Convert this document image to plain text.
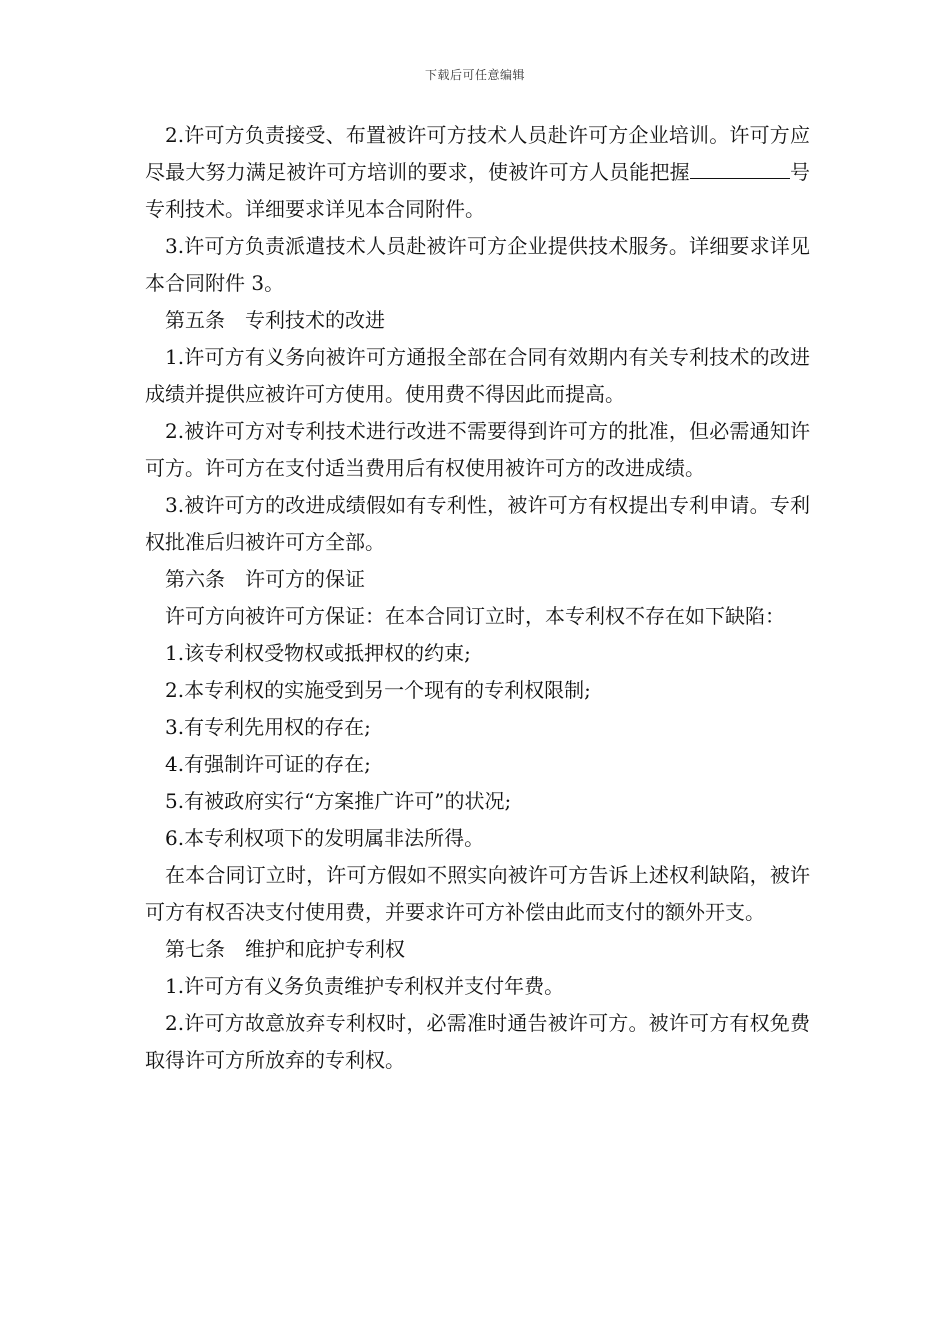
下载后可任意编辑

2.许可方负责接受、布置被许可方技术人员赴许可方企业培训。许可方应尽最大努力满足被许可方培训的要求，使被许可方人员能把握	号专利技术。详细要求详见本合同附件。

3.许可方负责派遣技术人员赴被许可方企业提供技术服务。详细要求详见本合同附件 3。

第五条　专利技术的改进

1.许可方有义务向被许可方通报全部在合同有效期内有关专利技术的改进成绩并提供应被许可方使用。使用费不得因此而提高。

2.被许可方对专利技术进行改进不需要得到许可方的批准，但必需通知许可方。许可方在支付适当费用后有权使用被许可方的改进成绩。

3.被许可方的改进成绩假如有专利性，被许可方有权提出专利申请。专利权批准后归被许可方全部。

第六条　许可方的保证

许可方向被许可方保证：在本合同订立时，本专利权不存在如下缺陷：

1.该专利权受物权或抵押权的约束;

2.本专利权的实施受到另一个现有的专利权限制;

3.有专利先用权的存在;

4.有强制许可证的存在;

5.有被政府实行“方案推广许可”的状况;

6.本专利权项下的发明属非法所得。

在本合同订立时，许可方假如不照实向被许可方告诉上述权利缺陷，被许可方有权否决支付使用费，并要求许可方补偿由此而支付的额外开支。

第七条　维护和庇护专利权

1.许可方有义务负责维护专利权并支付年费。

2.许可方故意放弃专利权时，必需准时通告被许可方。被许可方有权免费取得许可方所放弃的专利权。
